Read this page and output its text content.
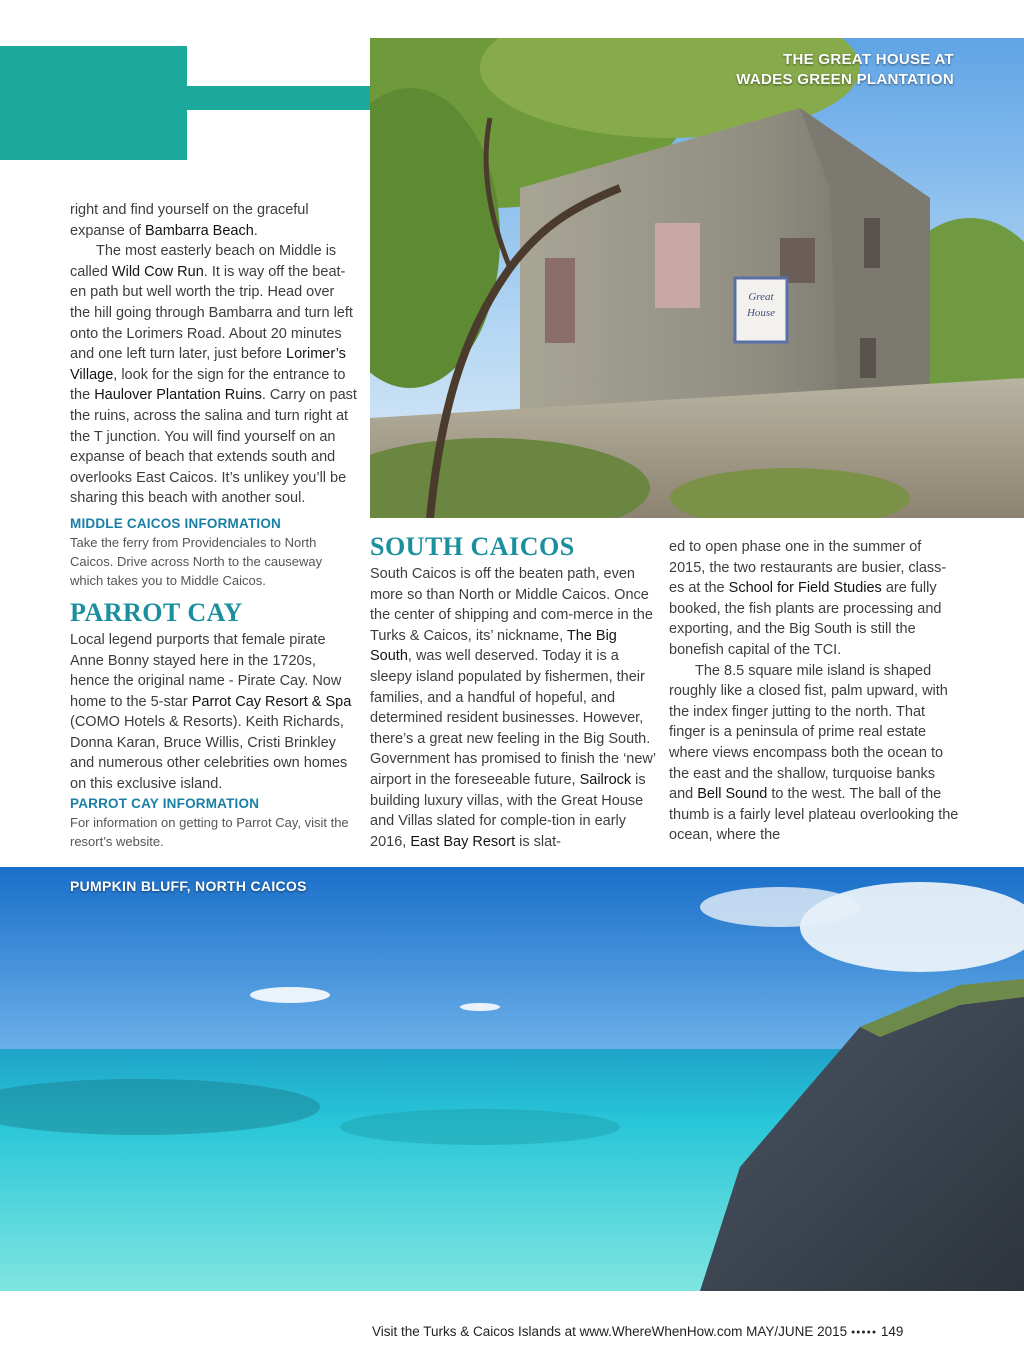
Great
House
THE GREAT HOUSE AT
WADES GREEN PLANTATION

right and find yourself on the graceful expanse of Bambarra Beach.

The most easterly beach on Middle is called Wild Cow Run. It is way off the beat-en path but well worth the trip. Head over the hill going through Bambarra and turn left onto the Lorimers Road. About 20 minutes and one left turn later, just before Lorimer’s Village, look for the sign for the entrance to the Haulover Plantation Ruins. Carry on past the ruins, across the salina and turn right at the T junction. You will find yourself on an expanse of beach that extends south and overlooks East Caicos. It’s unlikey you’ll be sharing this beach with another soul.

MIDDLE CAICOS INFORMATION

Take the ferry from Providenciales to North Caicos. Drive across North to the causeway which takes you to Middle Caicos.

PARROT CAY

Local legend purports that female pirate Anne Bonny stayed here in the 1720s, hence the original name - Pirate Cay. Now home to the 5-star Parrot Cay Resort & Spa (COMO Hotels & Resorts). Keith Richards, Donna Karan, Bruce Willis, Cristi Brinkley and numerous other celebrities own homes on this exclusive island.

PARROT CAY INFORMATION

For information on getting to Parrot Cay, visit the resort’s website.

SOUTH CAICOS

South Caicos is off the beaten path, even more so than North or Middle Caicos. Once the center of shipping and com-merce in the Turks & Caicos, its’ nickname, The Big South, was well deserved. Today it is a sleepy island populated by fishermen, their families, and a handful of hopeful, and determined resident businesses. However, there’s a great new feeling in the Big South. Government has promised to finish the ‘new’ airport in the foreseeable future, Sailrock is building luxury villas, with the Great House and Villas slated for comple-tion in early 2016, East Bay Resort is slat-

ed to open phase one in the summer of 2015, the two restaurants are busier, class-es at the School for Field Studies are fully booked, the fish plants are processing and exporting, and the Big South is still the bonefish capital of the TCI.

The 8.5 square mile island is shaped roughly like a closed fist, palm upward, with the index finger jutting to the north. That finger is a peninsula of prime real estate where views encompass both the ocean to the east and the shallow, turquoise banks and Bell Sound to the west. The ball of the thumb is a fairly level plateau overlooking the ocean, where the

PUMPKIN BLUFF, NORTH CAICOS
Visit the Turks & Caicos Islands at www.WhereWhenHow.com MAY/JUNE 2015 ●●●●● 149
